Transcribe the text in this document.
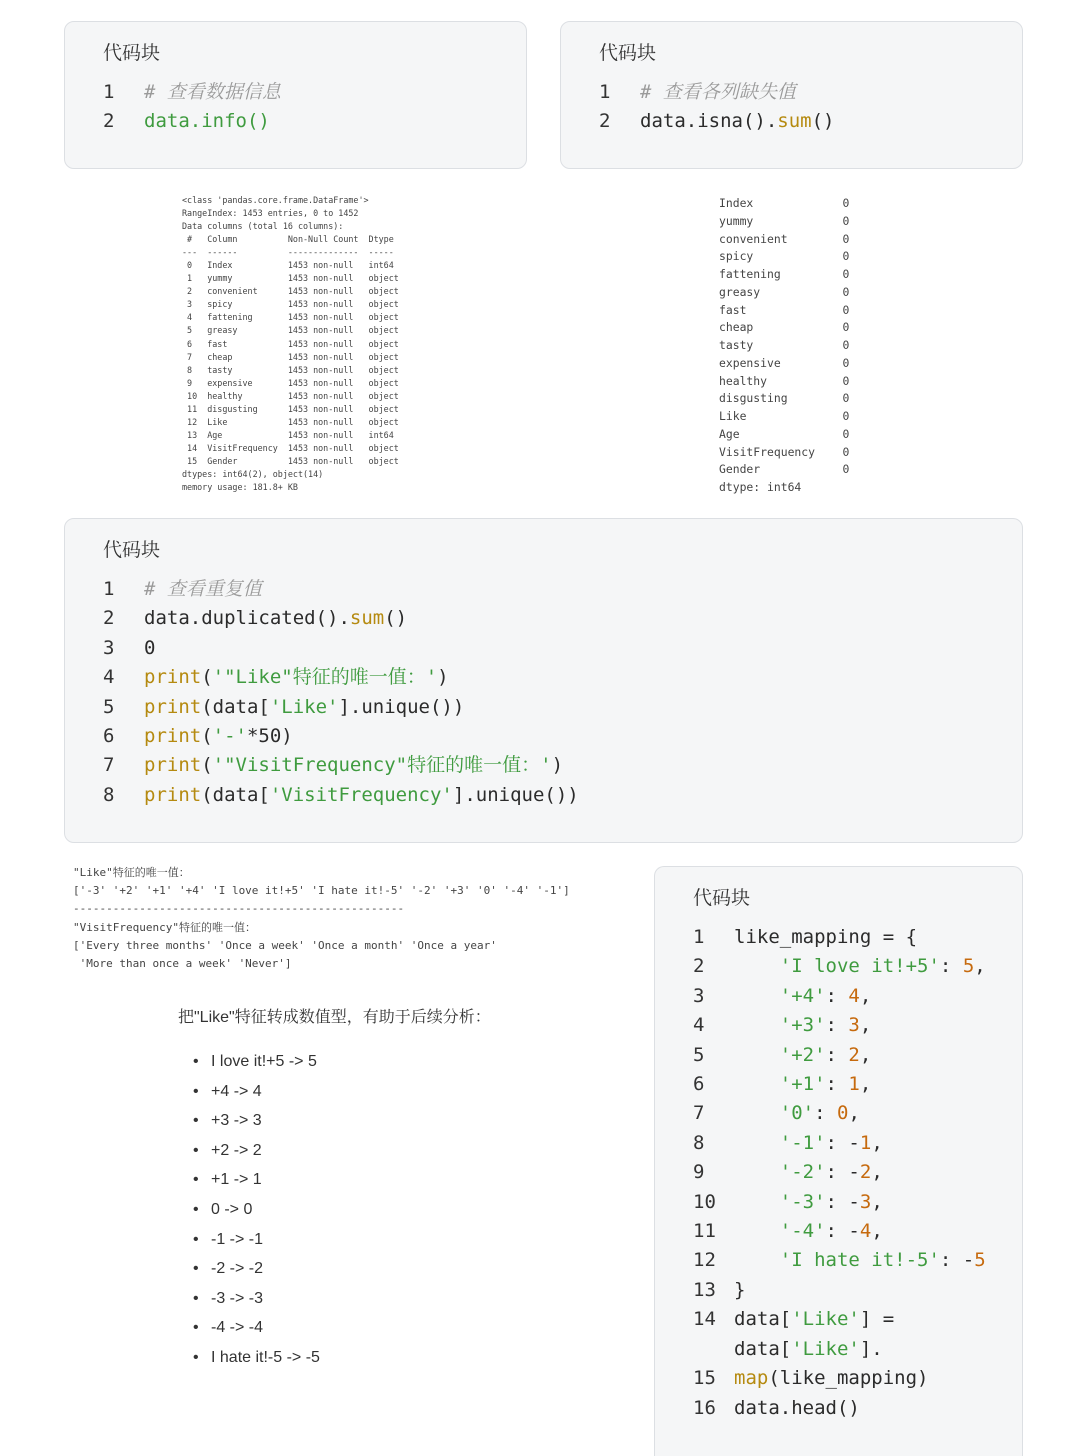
代码块
1	# 查看数据信息
2	data.info()
代码块
1	# 查看各列缺失值
2	data.isna().sum()
<class 'pandas.core.frame.DataFrame'>
RangeIndex: 1453 entries, 0 to 1452
Data columns (total 16 columns):
#   Column          Non-Null Count  Dtype
---  ------          --------------  -----
0   Index           1453 non-null   int64
1   yummy           1453 non-null   object
2   convenient      1453 non-null   object
3   spicy           1453 non-null   object
4   fattening       1453 non-null   object
5   greasy          1453 non-null   object
6   fast            1453 non-null   object
7   cheap           1453 non-null   object
8   tasty           1453 non-null   object
9   expensive       1453 non-null   object
10  healthy         1453 non-null   object
11  disgusting      1453 non-null   object
12  Like            1453 non-null   object
13  Age             1453 non-null   int64
14  VisitFrequency  1453 non-null   object
15  Gender          1453 non-null   object
dtypes: int64(2), object(14)
memory usage: 181.8+ KB
Index             0
yummy             0
convenient        0
spicy             0
fattening         0
greasy            0
fast              0
cheap             0
tasty             0
expensive         0
healthy           0
disgusting        0
Like              0
Age               0
VisitFrequency    0
Gender            0
dtype: int64
代码块
1	# 查看重复值
2	data.duplicated().sum()
3	0
4	print('"Like"特征的唯一值：')
5	print(data['Like'].unique())
6	print('-'*50)
7	print('"VisitFrequency"特征的唯一值：')
8	print(data['VisitFrequency'].unique())
"Like"特征的唯一值：
['-3' '+2' '+1' '+4' 'I love it!+5' 'I hate it!-5' '-2' '+3' '0' '-4' '-1']
--------------------------------------------------
"VisitFrequency"特征的唯一值：
['Every three months' 'Once a week' 'Once a month' 'Once a year'
'More than once a week' 'Never']
把"Like"特征转成数值型，有助于后续分析：
• I love it!+5 -> 5
• +4 -> 4
• +3 -> 3
• +2 -> 2
• +1 -> 1
• 0 -> 0
• -1 -> -1
• -2 -> -2
• -3 -> -3
• -4 -> -4
• I hate it!-5 -> -5
代码块
1	like_mapping = {
2	'I love it!+5': 5,
3	'+4': 4,
4	'+3': 3,
5	'+2': 2,
6	'+1': 1,
7	'0': 0,
8	'-1': -1,
9	'-2': -2,
10	'-3': -3,
11	'-4': -4,
12	'I hate it!-5': -5
13 }
14 data['Like'] =
data['Like'].
15 map(like_mapping)
16 data.head()
